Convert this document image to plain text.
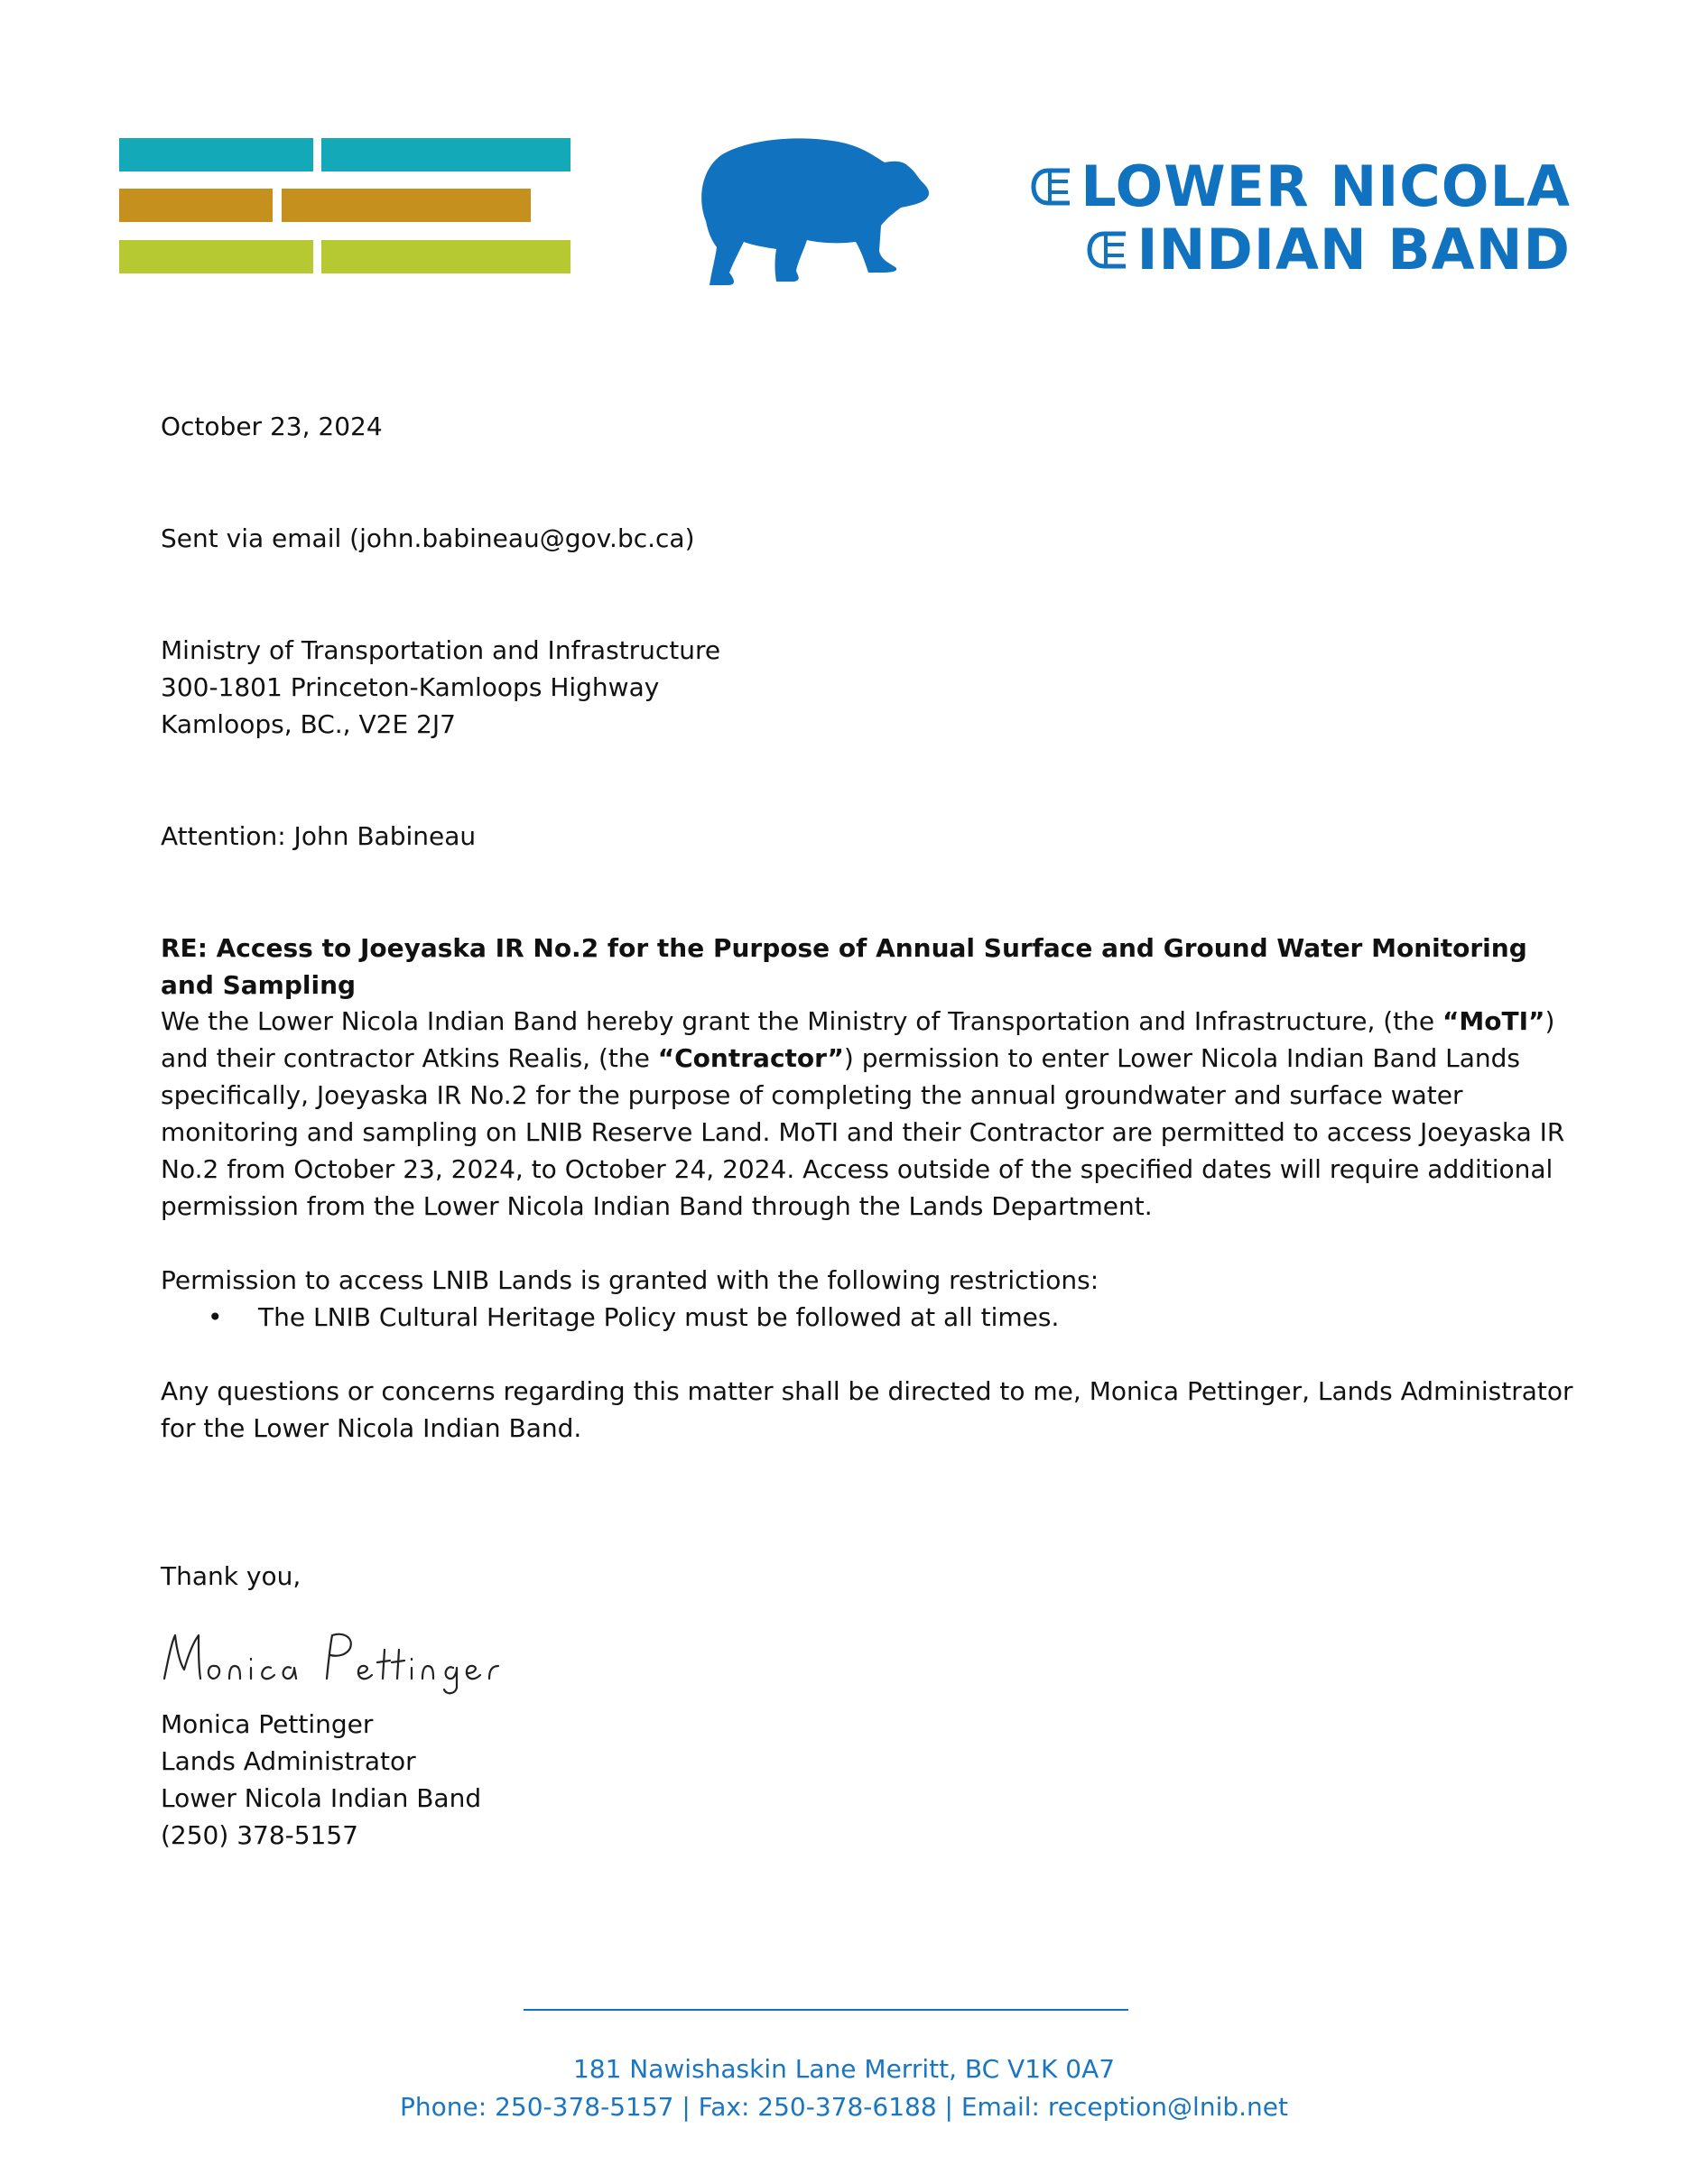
LOWER NICOLA
INDIAN BAND

October 23, 2024

Sent via email (john.babineau@gov.bc.ca)

Ministry of Transportation and Infrastructure

300-1801 Princeton-Kamloops Highway

Kamloops, BC., V2E 2J7

Attention: John Babineau

RE: Access to Joeyaska IR No.2 for the Purpose of Annual Surface and Ground Water Monitoring and Sampling

We the Lower Nicola Indian Band hereby grant the Ministry of Transportation and Infrastructure, (the “MoTI”) and their contractor Atkins Realis, (the “Contractor”) permission to enter Lower Nicola Indian Band Lands specifically, Joeyaska IR No.2 for the purpose of completing the annual groundwater and surface water monitoring and sampling on LNIB Reserve Land. MoTI and their Contractor are permitted to access Joeyaska IR No.2 from October 23, 2024, to October 24, 2024. Access outside of the specified dates will require additional permission from the Lower Nicola Indian Band through the Lands Department.

Permission to access LNIB Lands is granted with the following restrictions:

•	The LNIB Cultural Heritage Policy must be followed at all times.

Any questions or concerns regarding this matter shall be directed to me, Monica Pettinger, Lands Administrator for the Lower Nicola Indian Band.

Thank you,

Monica Pettinger

Lands Administrator

Lower Nicola Indian Band

(250) 378-5157

181 Nawishaskin Lane Merritt, BC V1K 0A7
Phone: 250-378-5157 | Fax: 250-378-6188 | Email: reception@lnib.net
